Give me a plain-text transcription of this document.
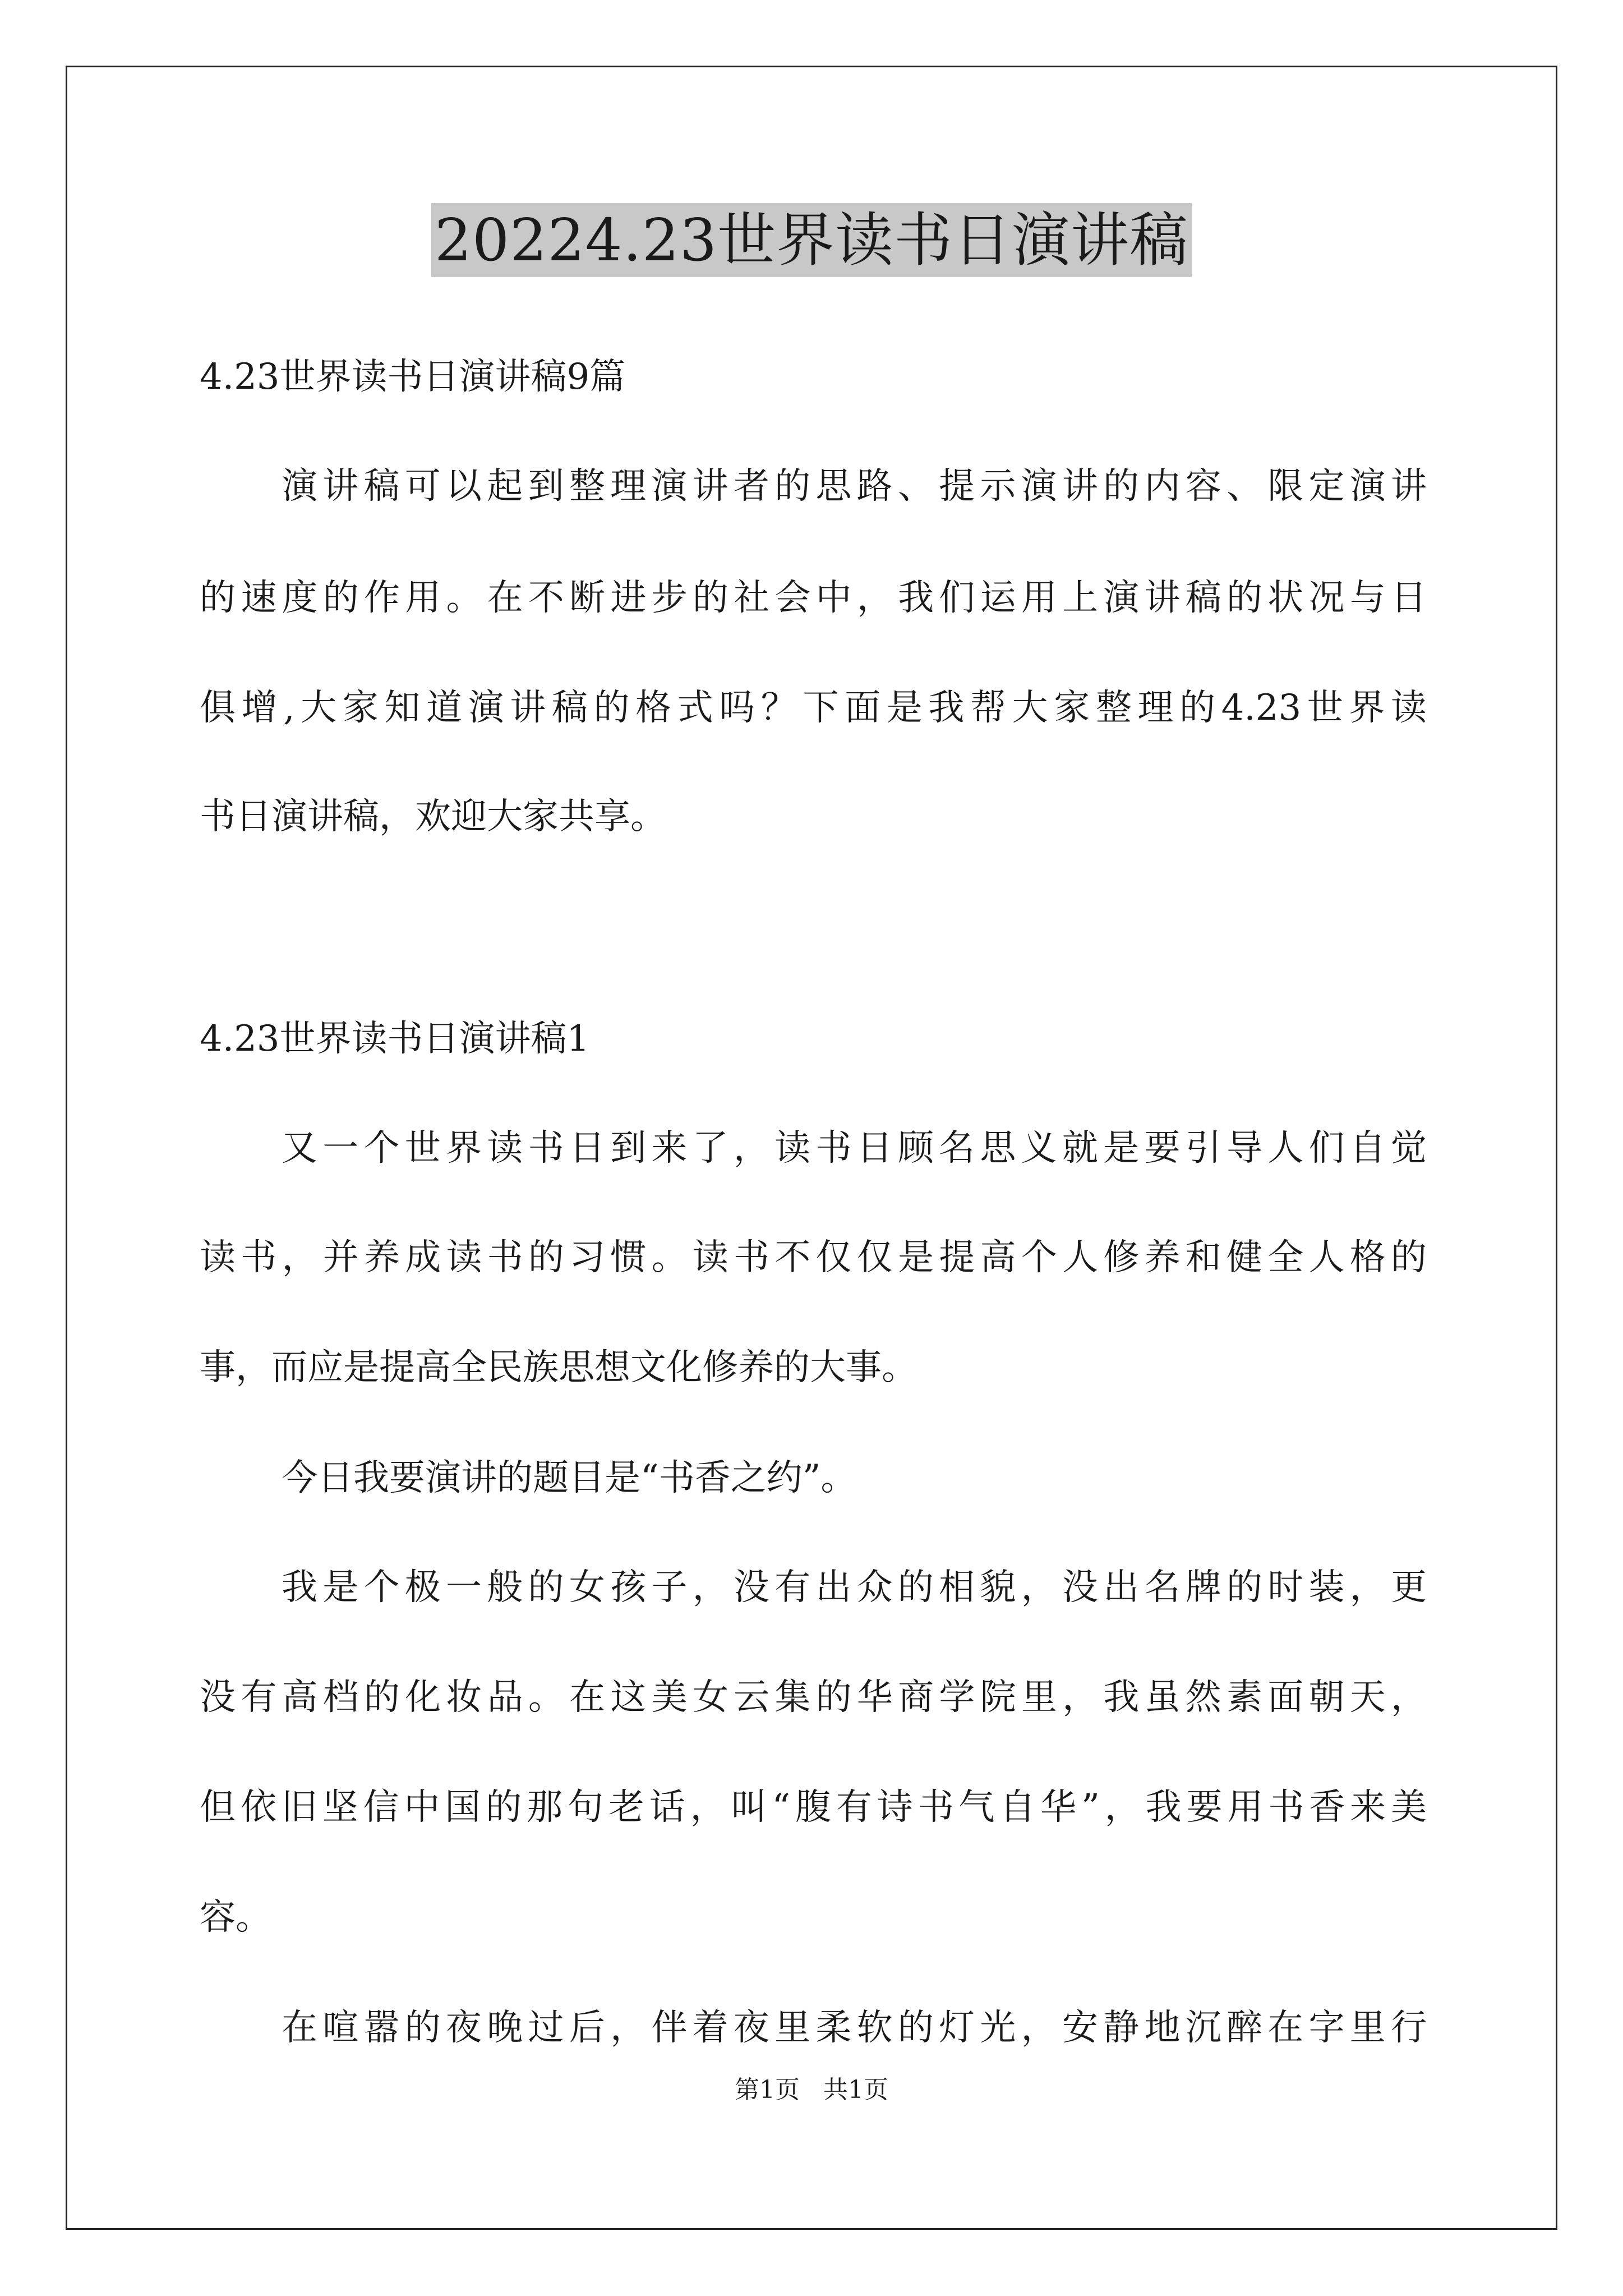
20224.23世界读书日演讲稿
4.23世界读书日演讲稿9篇
演讲稿可以起到整理演讲者的思路、提示演讲的内容、限定演讲
的速度的作用。在不断进步的社会中，我们运用上演讲稿的状况与日
俱增,大家知道演讲稿的格式吗？下面是我帮大家整理的4.23世界读
书日演讲稿，欢迎大家共享。
4.23世界读书日演讲稿1
又一个世界读书日到来了，读书日顾名思义就是要引导人们自觉
读书，并养成读书的习惯。读书不仅仅是提高个人修养和健全人格的
事，而应是提高全民族思想文化修养的大事。
今日我要演讲的题目是“书香之约”。
我是个极一般的女孩子，没有出众的相貌，没出名牌的时装，更
没有高档的化妆品。在这美女云集的华商学院里，我虽然素面朝天，
但依旧坚信中国的那句老话，叫“腹有诗书气自华”，我要用书香来美
容。
在喧嚣的夜晚过后，伴着夜里柔软的灯光，安静地沉醉在字里行
第1页   共1页
